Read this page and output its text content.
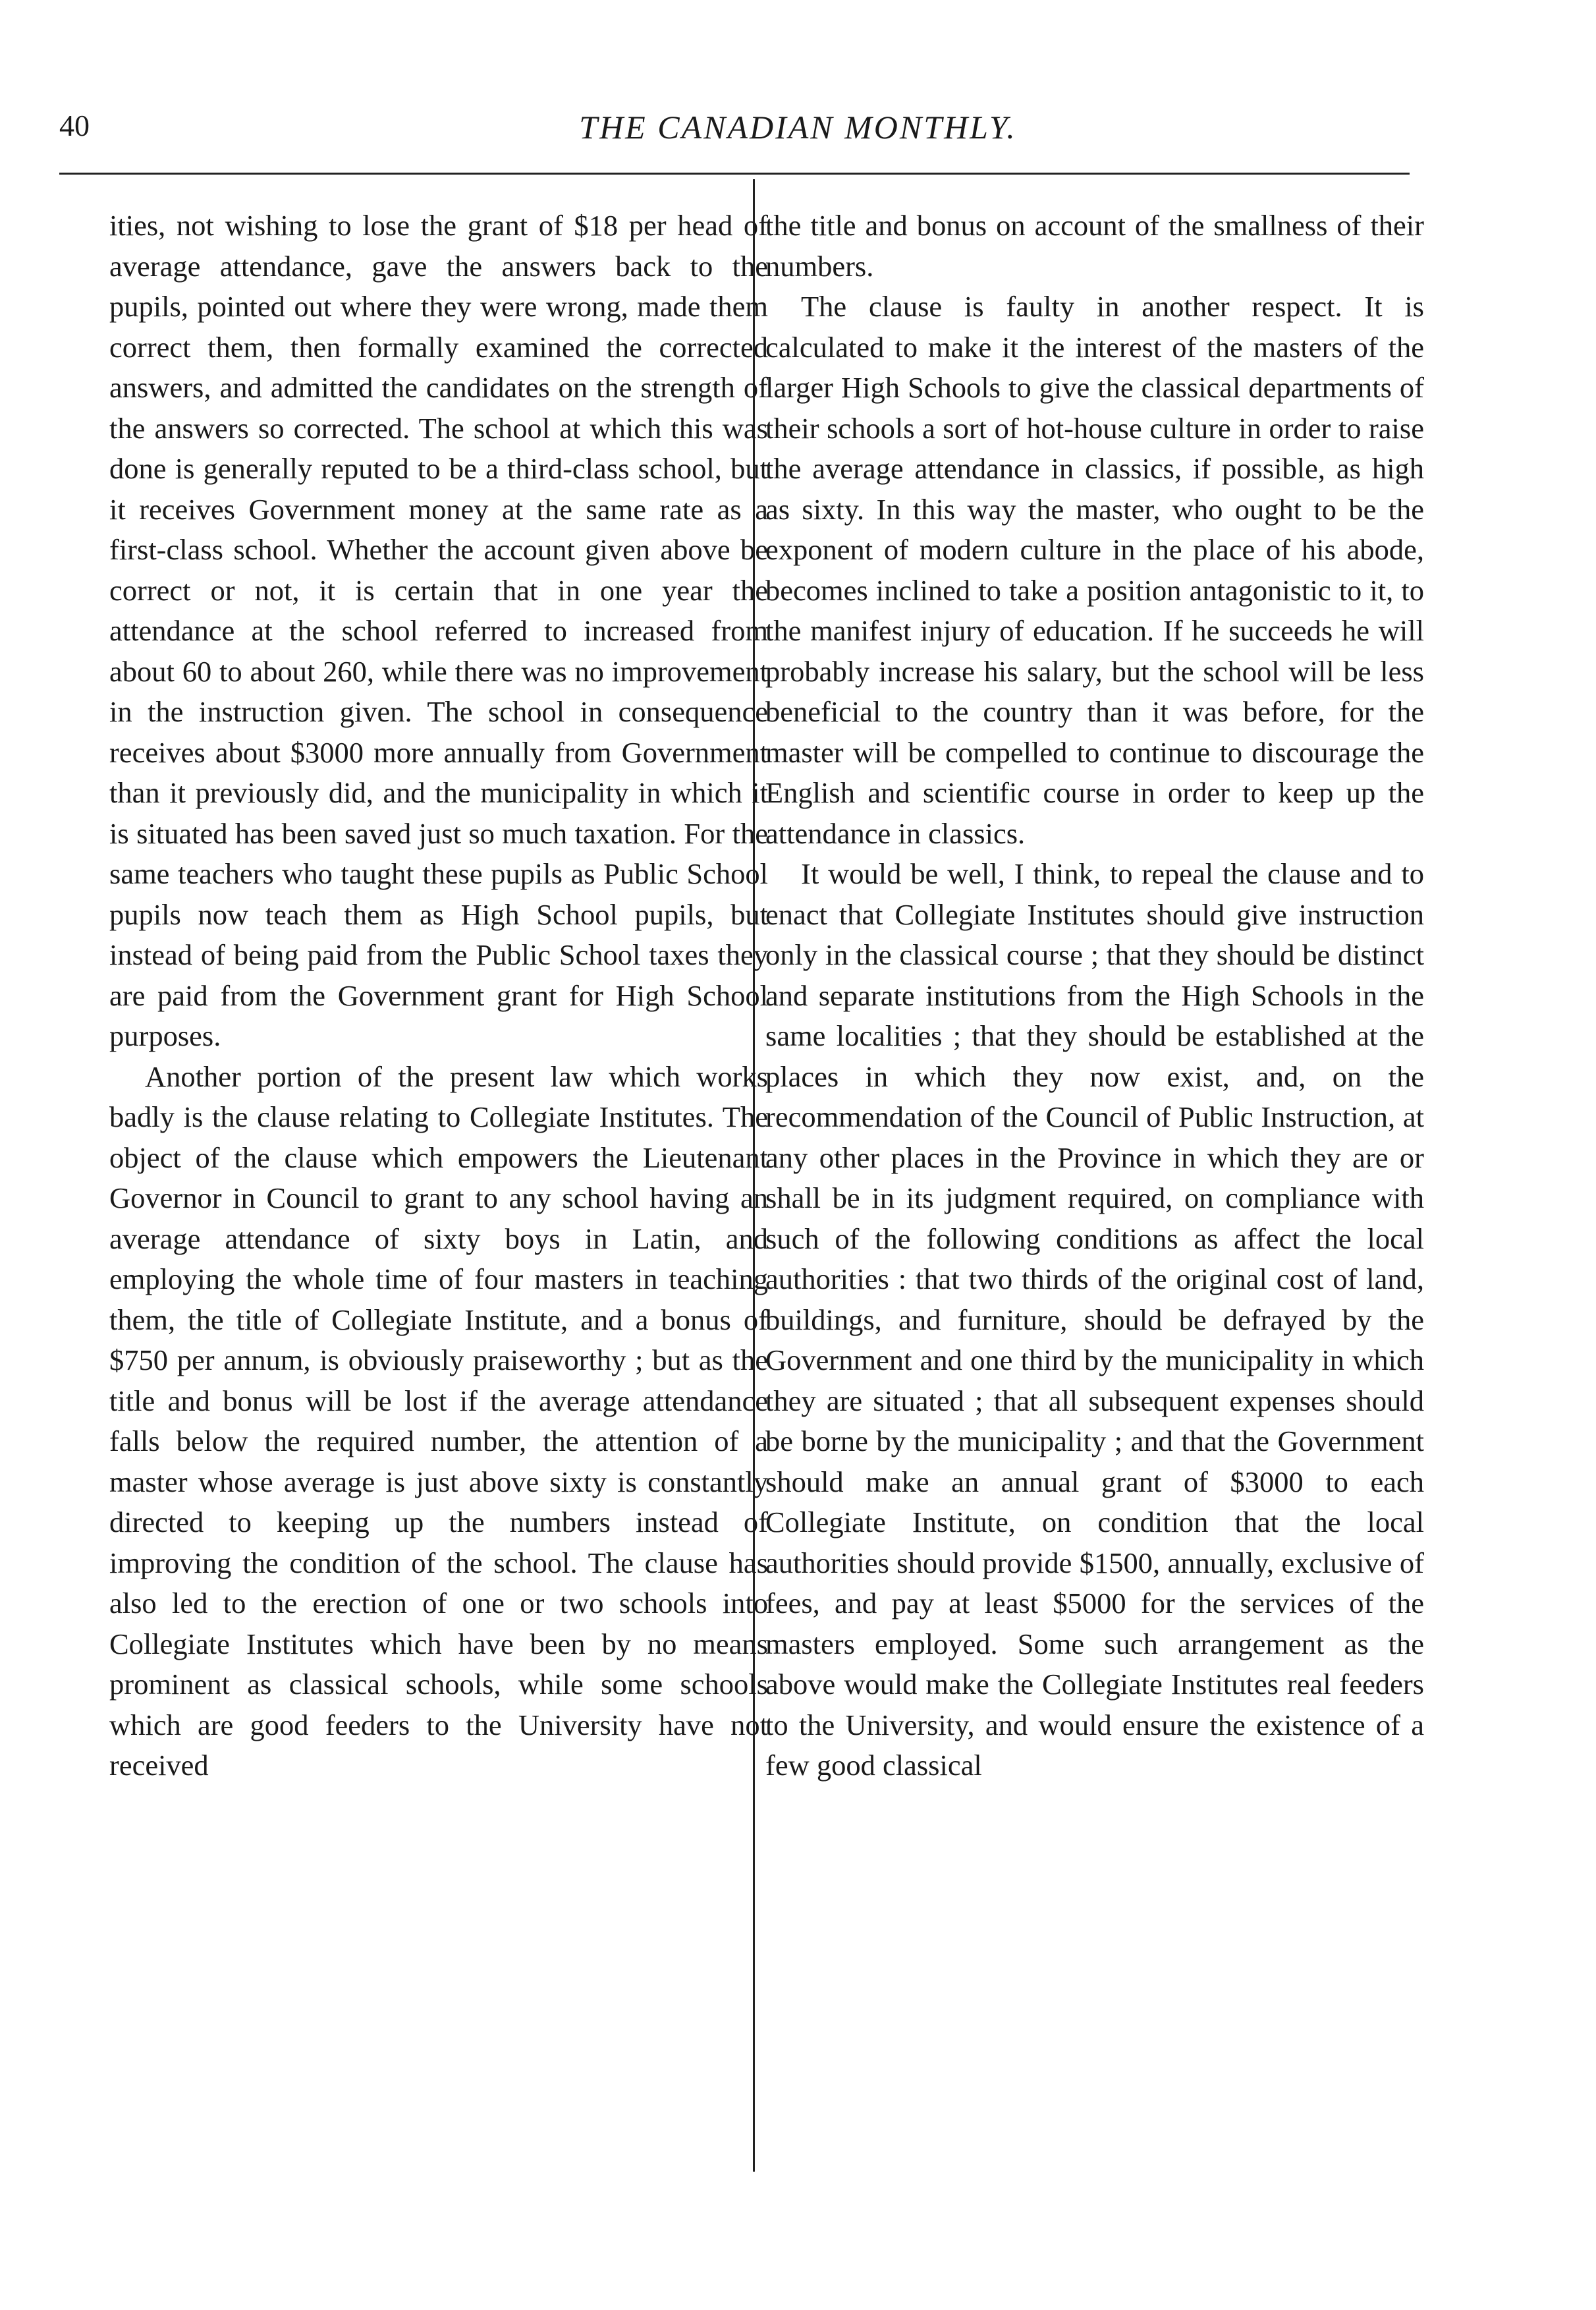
40	THE CANADIAN MONTHLY.

ities, not wishing to lose the grant of $18 per head of average attendance, gave the answers back to the pupils, pointed out where they were wrong, made them correct them, then formally examined the corrected answers, and admitted the candidates on the strength of the answers so corrected. The school at which this was done is generally reputed to be a third-class school, but it receives Government money at the same rate as a first-class school. Whether the account given above be correct or not, it is certain that in one year the attendance at the school referred to increased from about 60 to about 260, while there was no improvement in the instruction given. The school in consequence receives about $3000 more annually from Government than it previously did, and the municipality in which it is situated has been saved just so much taxation. For the same teachers who taught these pupils as Public School pupils now teach them as High School pupils, but instead of being paid from the Public School taxes they are paid from the Government grant for High School purposes.

Another portion of the present law which works badly is the clause relating to Collegiate Institutes. The object of the clause which empowers the Lieutenant Governor in Council to grant to any school having an average attendance of sixty boys in Latin, and employing the whole time of four masters in teaching them, the title of Collegiate Institute, and a bonus of $750 per annum, is obviously praiseworthy ; but as the title and bonus will be lost if the average attendance falls below the required number, the attention of a master whose average is just above sixty is constantly directed to keeping up the numbers instead of improving the condition of the school. The clause has also led to the erection of one or two schools into Collegiate Institutes which have been by no means prominent as classical schools, while some schools which are good feeders to the University have not received

the title and bonus on account of the smallness of their numbers.

The clause is faulty in another respect. It is calculated to make it the interest of the masters of the larger High Schools to give the classical departments of their schools a sort of hot-house culture in order to raise the average attendance in classics, if possible, as high as sixty. In this way the master, who ought to be the exponent of modern culture in the place of his abode, becomes inclined to take a position antagonistic to it, to the manifest injury of education. If he succeeds he will probably increase his salary, but the school will be less beneficial to the country than it was before, for the master will be compelled to continue to discourage the English and scientific course in order to keep up the attendance in classics.

It would be well, I think, to repeal the clause and to enact that Collegiate Institutes should give instruction only in the classical course ; that they should be distinct and separate institutions from the High Schools in the same localities ; that they should be established at the places in which they now exist, and, on the recommendation of the Council of Public Instruction, at any other places in the Province in which they are or shall be in its judgment required, on compliance with such of the following conditions as affect the local authorities : that two thirds of the original cost of land, buildings, and furniture, should be defrayed by the Government and one third by the municipality in which they are situated ; that all subsequent expenses should be borne by the municipality ; and that the Government should make an annual grant of $3000 to each Collegiate Institute, on condition that the local authorities should provide $1500, annually, exclusive of fees, and pay at least $5000 for the services of the masters employed. Some such arrangement as the above would make the Collegiate Institutes real feeders to the University, and would ensure the existence of a few good classical
